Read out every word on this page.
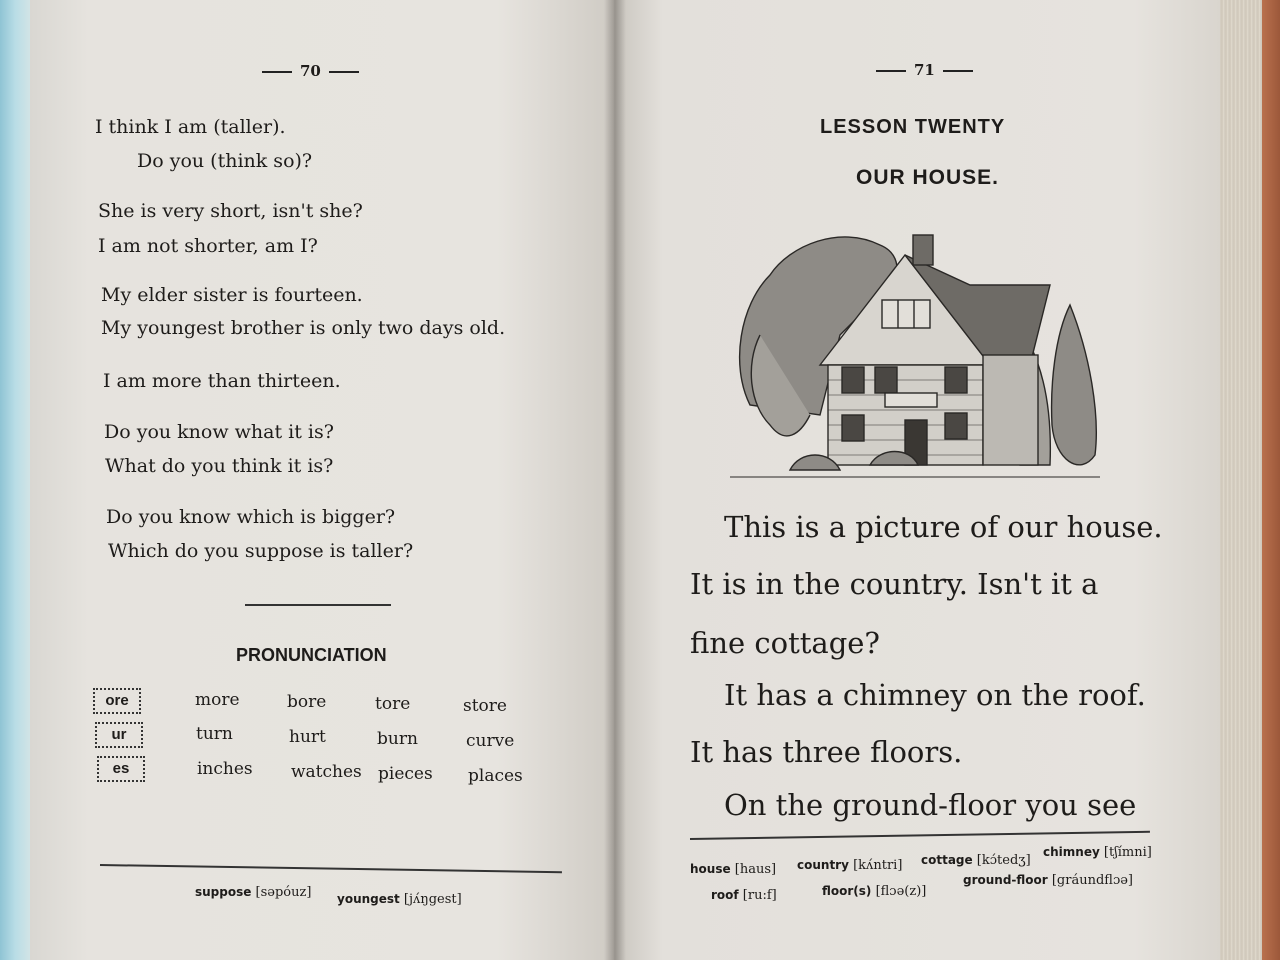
70
I think I am (taller).
Do you (think so)?
She is very short, isn't she?
I am not shorter, am I?
My elder sister is fourteen.
My youngest brother is only two days old.
I am more than thirteen.
Do you know what it is?
What do you think it is?
Do you know which is bigger?
Which do you suppose is taller?
PRONUNCIATION
ore	more	bore	tore	store
ur	turn	hurt	burn	curve
es	inches watches pieces places
suppose [səpóuz] youngest [jʌ́ŋgest]
71
LESSON TWENTY
OUR HOUSE.
This is a picture of our house.
It is in the country. Isn't it a
fine cottage?
It has a chimney on the roof.
It has three floors.
On the ground-floor you see
house [haus] country [kʌ́ntri] cottage [kɔ́tedʒ]
chimney [tʃímni]
roof [ru:f]	floor(s) [flɔə(z)]
ground-floor [gráundflɔə]
